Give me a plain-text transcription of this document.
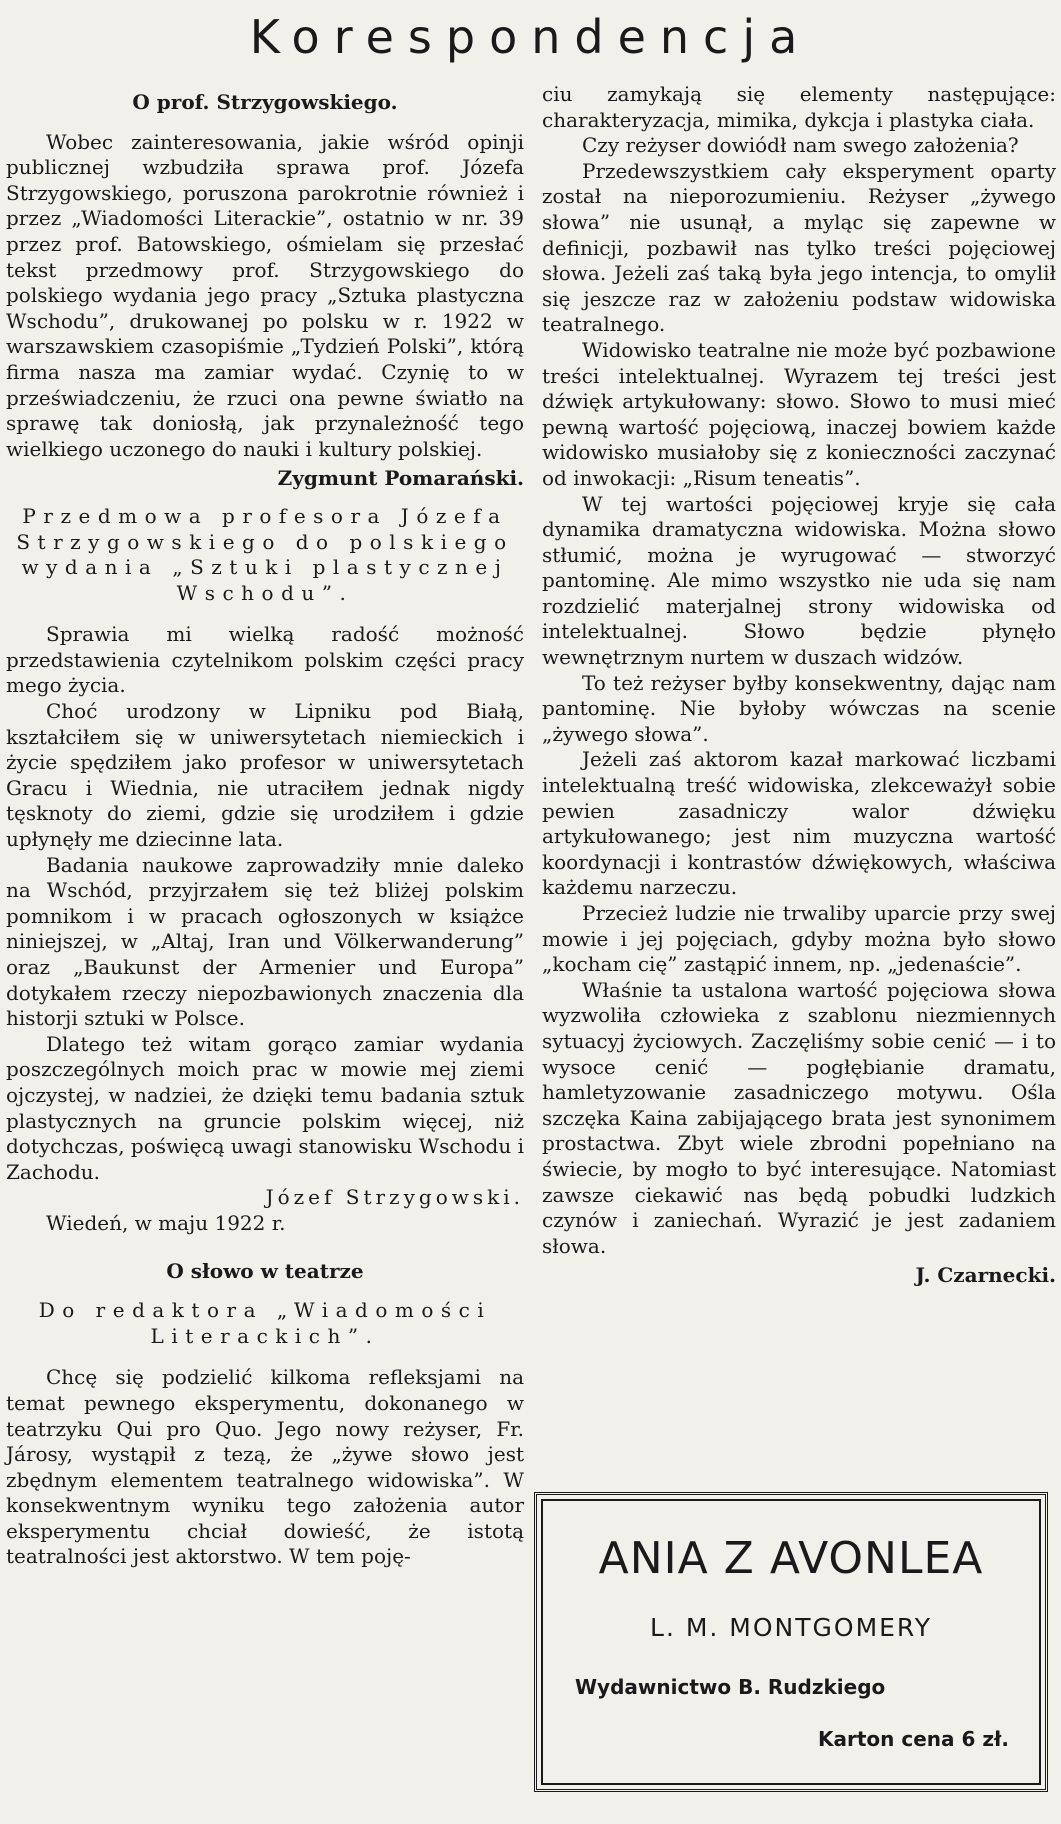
Korespondencja
O prof. Strzygowskiego.

Wobec zainteresowania, jakie wśród opinji publicznej wzbudziła sprawa prof. Józefa Strzygowskiego, poruszona parokrotnie również i przez „Wiadomości Literackie”, ostatnio w nr. 39 przez prof. Batowskiego, ośmielam się przesłać tekst przedmowy prof. Strzygowskiego do polskiego wydania jego pracy „Sztuka plastyczna Wschodu”, drukowanej po polsku w r. 1922 w warszawskiem czasopiśmie „Tydzień Polski”, którą firma nasza ma zamiar wydać. Czynię to w przeświadczeniu, że rzuci ona pewne światło na sprawę tak doniosłą, jak przynależność tego wielkiego uczonego do nauki i kultury polskiej.

Zygmunt Pomarański.
Przedmowa profesora Józefa Strzygowskiego do polskiego wydania „Sztuki plastycznej Wschodu”.

Sprawia mi wielką radość możność przedstawienia czytelnikom polskim części pracy mego życia.

Choć urodzony w Lipniku pod Białą, kształciłem się w uniwersytetach niemieckich i życie spędziłem jako profesor w uniwersytetach Gracu i Wiednia, nie utraciłem jednak nigdy tęsknoty do ziemi, gdzie się urodziłem i gdzie upłynęły me dziecinne lata.

Badania naukowe zaprowadziły mnie daleko na Wschód, przyjrzałem się też bliżej polskim pomnikom i w pracach ogłoszonych w książce niniejszej, w „Altaj, Iran und Völkerwanderung” oraz „Baukunst der Armenier und Europa” dotykałem rzeczy niepozbawionych znaczenia dla historji sztuki w Polsce.

Dlatego też witam gorąco zamiar wydania poszczególnych moich prac w mowie mej ziemi ojczystej, w nadziei, że dzięki temu badania sztuk plastycznych na gruncie polskim więcej, niż dotychczas, poświęcą uwagi stanowisku Wschodu i Zachodu.

Józef Strzygowski.
Wiedeń, w maju 1922 r.
O słowo w teatrze
Do redaktora „Wiadomości Literackich”.

Chcę się podzielić kilkoma refleksjami na temat pewnego eksperymentu, dokonanego w teatrzyku Qui pro Quo. Jego nowy reżyser, Fr. Járosy, wystąpił z tezą, że „żywe słowo jest zbędnym elementem teatralnego widowiska”. W konsekwentnym wyniku tego założenia autor eksperymentu chciał dowieść, że istotą teatralności jest aktorstwo. W tem poję-

ciu zamykają się elementy następujące: charakteryzacja, mimika, dykcja i plastyka ciała.

Czy reżyser dowiódł nam swego założenia?

Przedewszystkiem cały eksperyment oparty został na nieporozumieniu. Reżyser „żywego słowa” nie usunął, a myląc się zapewne w definicji, pozbawił nas tylko treści pojęciowej słowa. Jeżeli zaś taką była jego intencja, to omylił się jeszcze raz w założeniu podstaw widowiska teatralnego.

Widowisko teatralne nie może być pozbawione treści intelektualnej. Wyrazem tej treści jest dźwięk artykułowany: słowo. Słowo to musi mieć pewną wartość pojęciową, inaczej bowiem każde widowisko musiałoby się z konieczności zaczynać od inwokacji: „Risum teneatis”.

W tej wartości pojęciowej kryje się cała dynamika dramatyczna widowiska. Można słowo stłumić, można je wyrugować — stworzyć pantominę. Ale mimo wszystko nie uda się nam rozdzielić materjalnej strony widowiska od intelektualnej. Słowo będzie płynęło wewnętrznym nurtem w duszach widzów.

To też reżyser byłby konsekwentny, dając nam pantominę. Nie byłoby wówczas na scenie „żywego słowa”.

Jeżeli zaś aktorom kazał markować liczbami intelektualną treść widowiska, zlekceważył sobie pewien zasadniczy walor dźwięku artykułowanego; jest nim muzyczna wartość koordynacji i kontrastów dźwiękowych, właściwa każdemu narzeczu.

Przecież ludzie nie trwaliby uparcie przy swej mowie i jej pojęciach, gdyby można było słowo „kocham cię” zastąpić innem, np. „jedenaście”.

Właśnie ta ustalona wartość pojęciowa słowa wyzwoliła człowieka z szablonu niezmiennych sytuacyj życiowych. Zaczęliśmy sobie cenić — i to wysoce cenić — pogłębianie dramatu, hamletyzowanie zasadniczego motywu. Ośla szczęka Kaina zabijającego brata jest synonimem prostactwa. Zbyt wiele zbrodni popełniano na świecie, by mogło to być interesujące. Natomiast zawsze ciekawić nas będą pobudki ludzkich czynów i zaniechań. Wyrazić je jest zadaniem słowa.

J. Czarnecki.
ANIA Z AVONLEA
L. M. MONTGOMERY
Wydawnictwo B. Rudzkiego
Karton cena 6 zł.
